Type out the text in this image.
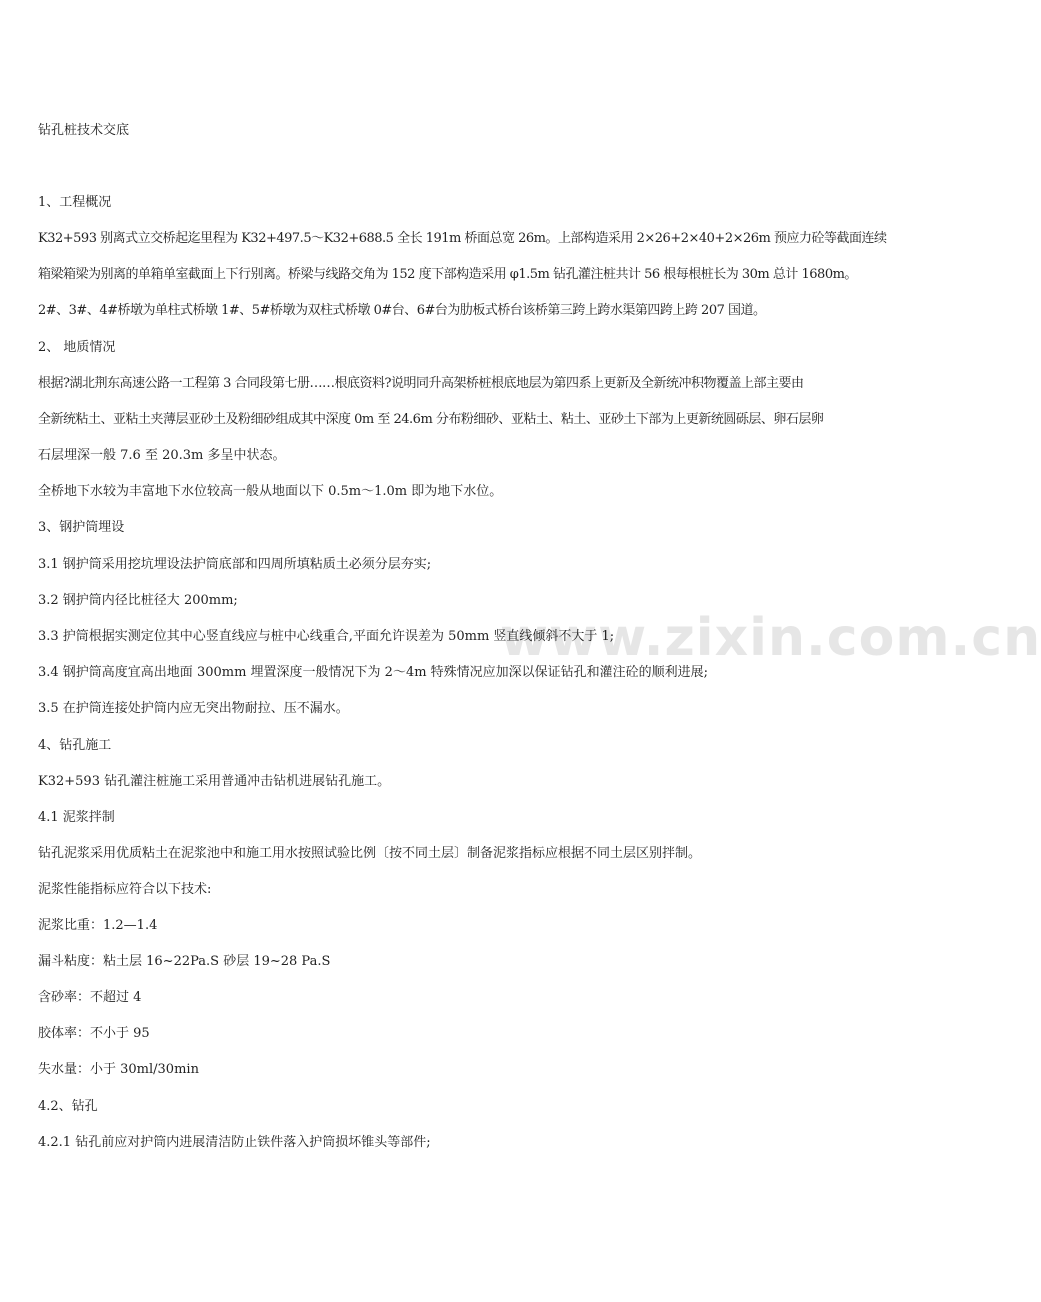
www.zixin.com.cn
钻孔桩技术交底
1、工程概况
K32+593 别离式立交桥起迄里程为 K32+497.5～K32+688.5 全长 191m 桥面总宽 26m。上部构造采用 2×26+2×40+2×26m 预应力砼等截面连续
箱梁箱梁为别离的单箱单室截面上下行别离。桥梁与线路交角为 152 度下部构造采用 φ1.5m 钻孔灌注桩共计 56 根每根桩长为 30m 总计 1680m。
2#、3#、4#桥墩为单柱式桥墩 1#、5#桥墩为双柱式桥墩 0#台、6#台为肋板式桥台该桥第三跨上跨水渠第四跨上跨 207 国道。
2、 地质情况
根据?湖北荆东高速公路一工程第 3 合同段第七册……根底资料?说明同升高架桥桩根底地层为第四系上更新及全新统冲积物覆盖上部主要由
全新统粘土、亚粘土夹薄层亚砂土及粉细砂组成其中深度 0m 至 24.6m 分布粉细砂、亚粘土、粘土、亚砂土下部为上更新统圆砾层、卵石层卵
石层埋深一般 7.6 至 20.3m 多呈中状态。
全桥地下水较为丰富地下水位较高一般从地面以下 0.5m～1.0m 即为地下水位。
3、钢护筒埋设
3.1 钢护筒采用挖坑埋设法护筒底部和四周所填粘质土必须分层夯实;
3.2 钢护筒内径比桩径大 200mm;
3.3 护筒根据实测定位其中心竖直线应与桩中心线重合,平面允许误差为 50mm 竖直线倾斜不大于 1;
3.4 钢护筒高度宜高出地面 300mm 埋置深度一般情况下为 2～4m 特殊情况应加深以保证钻孔和灌注砼的顺利进展;
3.5 在护筒连接处护筒内应无突出物耐拉、压不漏水。
4、钻孔施工
K32+593 钻孔灌注桩施工采用普通冲击钻机进展钻孔施工。
4.1 泥浆拌制
钻孔泥浆采用优质粘土在泥浆池中和施工用水按照试验比例〔按不同土层〕制备泥浆指标应根据不同土层区别拌制。
泥浆性能指标应符合以下技术:
泥浆比重：1.2—1.4
漏斗粘度：粘土层 16~22Pa.S 砂层 19~28 Pa.S
含砂率：不超过 4
胶体率：不小于 95
失水量：小于 30ml/30min
4.2、钻孔
4.2.1 钻孔前应对护筒内进展清洁防止铁件落入护筒损坏锥头等部件;
